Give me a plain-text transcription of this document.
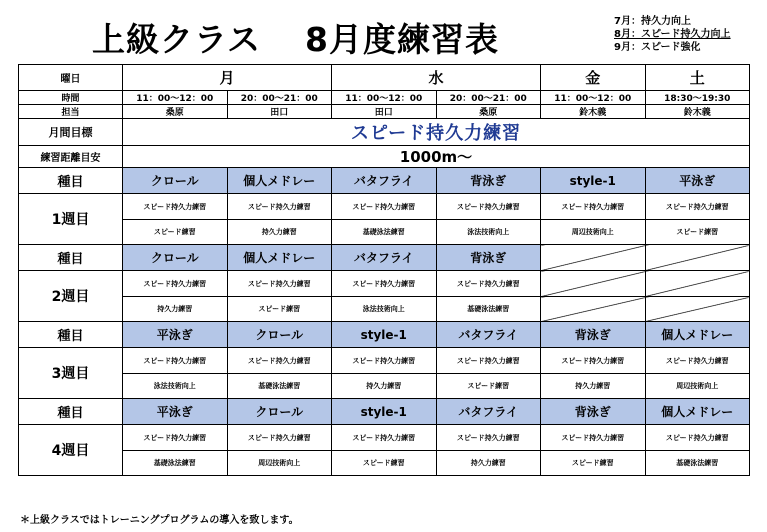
上級クラス 8月度練習表	7月：持久力向上
8月：スピード持久力向上
9月：スピード強化
曜日	月		水		金	土
時間	11：00～12：00	20：00～21：00	11：00～12：00	20：00～21：00	11：00～12：00	18:30～19:30
担当	桑原	田口	田口	桑原	鈴木義	鈴木義
月間目標	スピード持久力練習					
練習距離目安	1000m～					
種目	クロール	個人メドレー	バタフライ	背泳ぎ	style-1	平泳ぎ
1週目	スピード持久力練習	スピード持久力練習	スピード持久力練習	スピード持久力練習	スピード持久力練習	スピード持久力練習
	スピード練習	持久力練習	基礎泳法練習	泳法技術向上	周辺技術向上	スピード練習
種目	クロール	個人メドレー	バタフライ	背泳ぎ		
2週目	スピード持久力練習	スピード持久力練習	スピード持久力練習	スピード持久力練習		
	持久力練習	スピード練習	泳法技術向上	基礎泳法練習		
種目	平泳ぎ	クロール	style-1	バタフライ	背泳ぎ	個人メドレー
3週目	スピード持久力練習	スピード持久力練習	スピード持久力練習	スピード持久力練習	スピード持久力練習	スピード持久力練習
	泳法技術向上	基礎泳法練習	持久力練習	スピード練習	持久力練習	周辺技術向上
種目	平泳ぎ	クロール	style-1	バタフライ	背泳ぎ	個人メドレー
4週目	スピード持久力練習	スピード持久力練習	スピード持久力練習	スピード持久力練習	スピード持久力練習	スピード持久力練習
	基礎泳法練習	周辺技術向上	スピード練習	持久力練習	スピード練習	基礎泳法練習
＊上級クラスではトレーニングプログラムの導入を致します。
